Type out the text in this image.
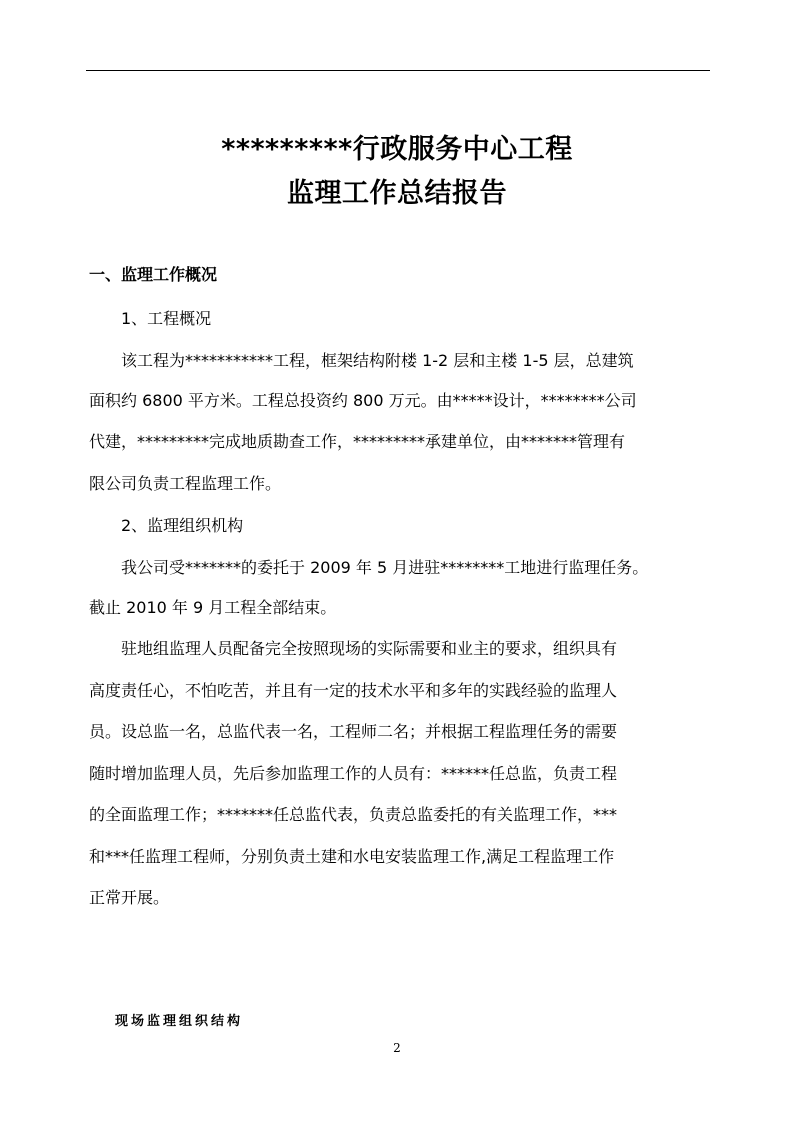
*********行政服务中心工程
监理工作总结报告
一、监理工作概况
1、工程概况
该工程为***********工程，框架结构附楼 1-2 层和主楼 1-5 层，总建筑
面积约 6800 平方米。工程总投资约 800 万元。由*****设计，********公司
代建，*********完成地质勘查工作，*********承建单位，由*******管理有
限公司负责工程监理工作。
2、监理组织机构
我公司受*******的委托于 2009 年 5 月进驻********工地进行监理任务。
截止 2010 年 9 月工程全部结束。
驻地组监理人员配备完全按照现场的实际需要和业主的要求，组织具有
高度责任心，不怕吃苦，并且有一定的技术水平和多年的实践经验的监理人
员。设总监一名，总监代表一名，工程师二名；并根据工程监理任务的需要
随时增加监理人员，先后参加监理工作的人员有：******任总监，负责工程
的全面监理工作；*******任总监代表，负责总监委托的有关监理工作，***
和***任监理工程师，分别负责土建和水电安装监理工作,满足工程监理工作
正常开展。
现场监理组织结构
2
